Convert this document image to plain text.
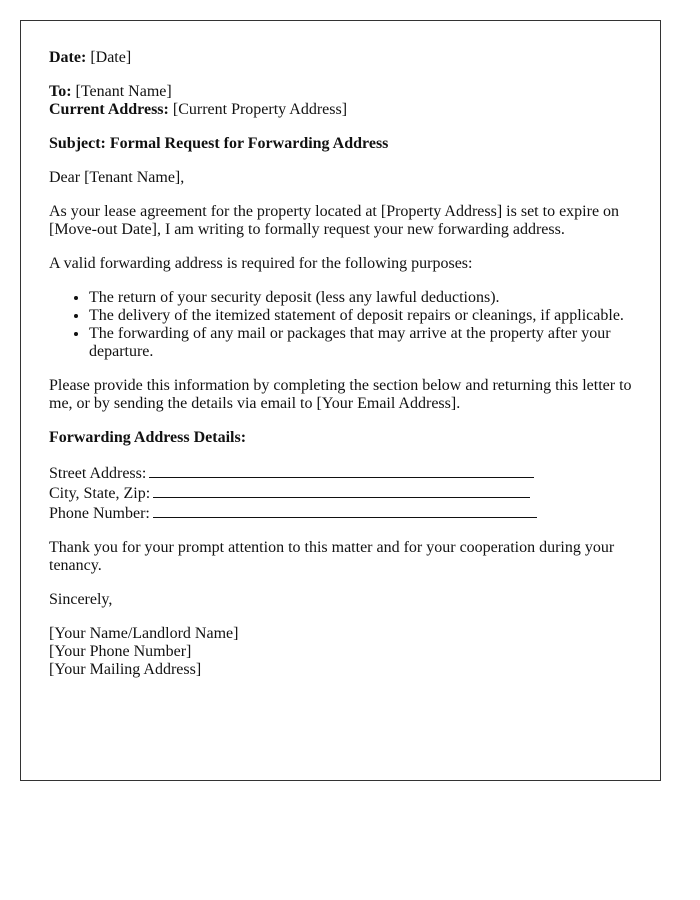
Date: [Date]

To: [Tenant Name]
Current Address: [Current Property Address]

Subject: Formal Request for Forwarding Address

Dear [Tenant Name],

As your lease agreement for the property located at [Property Address] is set to expire on [Move-out Date], I am writing to formally request your new forwarding address.

A valid forwarding address is required for the following purposes:

• The return of your security deposit (less any lawful deductions).
• The delivery of the itemized statement of deposit repairs or cleanings, if applicable.
• The forwarding of any mail or packages that may arrive at the property after your departure.

Please provide this information by completing the section below and returning this letter to me, or by sending the details via email to [Your Email Address].

Forwarding Address Details:

Street Address:
City, State, Zip:
Phone Number:

Thank you for your prompt attention to this matter and for your cooperation during your tenancy.

Sincerely,

[Your Name/Landlord Name]
[Your Phone Number]
[Your Mailing Address]
